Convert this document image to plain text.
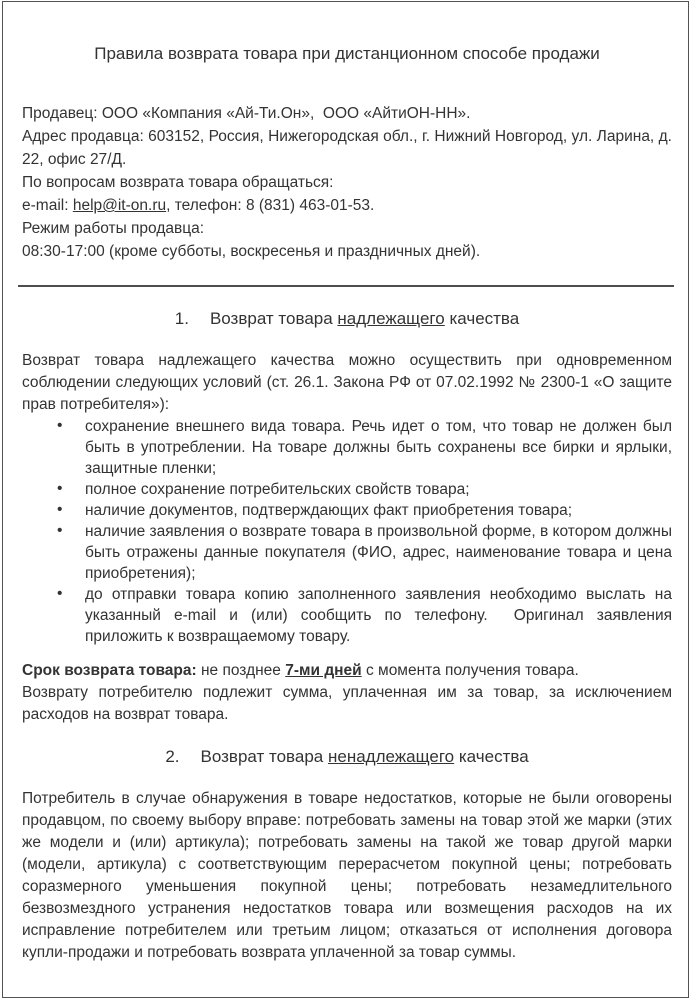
Правила возврата товара при дистанционном способе продажи

Продавец: ООО «Компания «Ай-Ти.Он»,  ООО «АйтиОН-НН».

Адрес продавца: 603152, Россия, Нижегородская обл., г. Нижний Новгород, ул. Ларина, д. 22, офис 27/Д.

По вопросам возврата товара обращаться:

e-mail: help@it-on.ru, телефон: 8 (831) 463-01-53.

Режим работы продавца:

08:30-17:00 (кроме субботы, воскресенья и праздничных дней).

1. Возврат товара надлежащего качества

Возврат товара надлежащего качества можно осуществить при одновременном соблюдении следующих условий (ст. 26.1. Закона РФ от 07.02.1992 № 2300-1 «О защите прав потребителя»):

• сохранение внешнего вида товара. Речь идет о том, что товар не должен был быть в употреблении. На товаре должны быть сохранены все бирки и ярлыки, защитные пленки;
• полное сохранение потребительских свойств товара;
• наличие документов, подтверждающих факт приобретения товара;
• наличие заявления о возврате товара в произвольной форме, в котором должны быть отражены данные покупателя (ФИО, адрес, наименование товара и цена приобретения);
• до отправки товара копию заполненного заявления необходимо выслать на указанный e-mail и (или) сообщить по телефону.  Оригинал заявления приложить к возвращаемому товару.

Срок возврата товара: не позднее 7-ми дней с момента получения товара.

Возврату потребителю подлежит сумма, уплаченная им за товар, за исключением расходов на возврат товара.

2. Возврат товара ненадлежащего качества

Потребитель в случае обнаружения в товаре недостатков, которые не были оговорены продавцом, по своему выбору вправе: потребовать замены на товар этой же марки (этих же модели и (или) артикула); потребовать замены на такой же товар другой марки (модели, артикула) с соответствующим перерасчетом покупной цены; потребовать соразмерного уменьшения покупной цены; потребовать незамедлительного безвозмездного устранения недостатков товара или возмещения расходов на их исправление потребителем или третьим лицом; отказаться от исполнения договора купли-продажи и потребовать возврата уплаченной за товар суммы.
